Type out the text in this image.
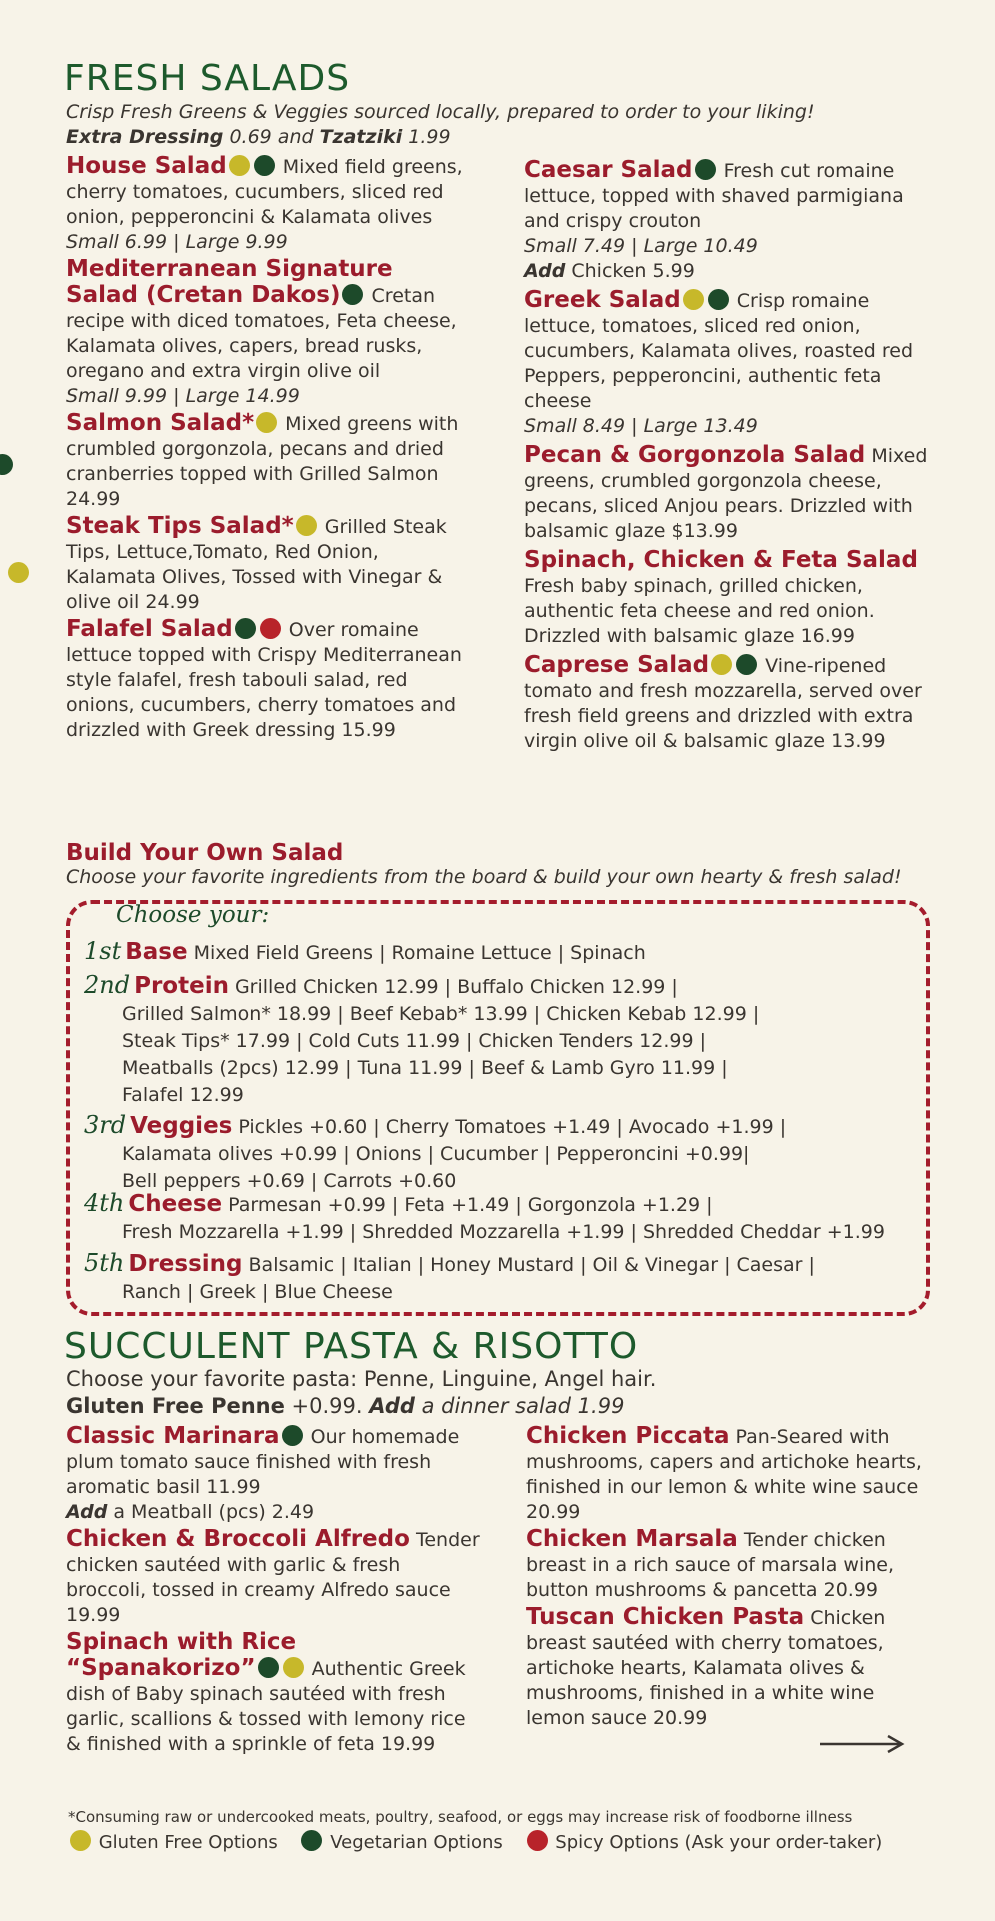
FRESH SALADS
Crisp Fresh Greens & Veggies sourced locally, prepared to order to your liking!
Extra Dressing 0.69 and Tzatziki 1.99
House Salad	Mixed field greens, cherry tomatoes, cucumbers, sliced red onion, pepperoncini & Kalamata olives
Small 6.99 | Large 9.99
Mediterranean Signature Salad (Cretan Dakos) Cretan recipe with diced tomatoes, Feta cheese, Kalamata olives, capers, bread rusks, oregano and extra virgin olive oil
Small 9.99 | Large 14.99
Salmon Salad* Mixed greens with crumbled gorgonzola, pecans and dried cranberries topped with Grilled Salmon 24.99
Steak Tips Salad* Grilled Steak Tips, Lettuce,Tomato, Red Onion, Kalamata Olives, Tossed with Vinegar & olive oil 24.99
Falafel Salad	Over romaine lettuce topped with Crispy Mediterranean style falafel, fresh tabouli salad, red onions, cucumbers, cherry tomatoes and drizzled with Greek dressing 15.99
Caesar Salad Fresh cut romaine lettuce, topped with shaved parmigiana and crispy crouton
Small 7.49 | Large 10.49
Add Chicken 5.99
Greek Salad	Crisp romaine lettuce, tomatoes, sliced red onion, cucumbers, Kalamata olives, roasted red Peppers, pepperoncini, authentic feta cheese
Small 8.49 | Large 13.49
Pecan & Gorgonzola Salad Mixed greens, crumbled gorgonzola cheese, pecans, sliced Anjou pears. Drizzled with balsamic glaze $13.99
Spinach, Chicken & Feta Salad Fresh baby spinach, grilled chicken, authentic feta cheese and red onion. Drizzled with balsamic glaze 16.99
Caprese Salad	Vine-ripened tomato and fresh mozzarella, served over fresh field greens and drizzled with extra virgin olive oil & balsamic glaze 13.99
Build Your Own Salad
Choose your favorite ingredients from the board & build your own hearty & fresh salad!
Choose your:
1st Base Mixed Field Greens | Romaine Lettuce | Spinach
2nd Protein Grilled Chicken 12.99 | Buffalo Chicken 12.99 |
Grilled Salmon* 18.99 | Beef Kebab* 13.99 | Chicken Kebab 12.99 |
Steak Tips* 17.99 | Cold Cuts 11.99 | Chicken Tenders 12.99 |
Meatballs (2pcs) 12.99 | Tuna 11.99 | Beef & Lamb Gyro 11.99 |
Falafel 12.99
3rd Veggies Pickles +0.60 | Cherry Tomatoes +1.49 | Avocado +1.99 |
Kalamata olives +0.99 | Onions | Cucumber | Pepperoncini +0.99|
Bell peppers +0.69 | Carrots +0.60
4th Cheese Parmesan +0.99 | Feta +1.49 | Gorgonzola +1.29 |
Fresh Mozzarella +1.99 | Shredded Mozzarella +1.99 | Shredded Cheddar +1.99
5th Dressing Balsamic | Italian | Honey Mustard | Oil & Vinegar | Caesar |
Ranch | Greek | Blue Cheese
SUCCULENT PASTA & RISOTTO
Choose your favorite pasta: Penne, Linguine, Angel hair.
Gluten Free Penne +0.99. Add a dinner salad 1.99
Classic Marinara Our homemade plum tomato sauce finished with fresh aromatic basil 11.99
Add a Meatball (pcs) 2.49
Chicken & Broccoli Alfredo Tender chicken sautéed with garlic & fresh broccoli, tossed in creamy Alfredo sauce 19.99
Spinach with Rice “Spanakorizo”	Authentic Greek dish of Baby spinach sautéed with fresh garlic, scallions & tossed with lemony rice & finished with a sprinkle of feta 19.99
Chicken Piccata Pan-Seared with mushrooms, capers and artichoke hearts, finished in our lemon & white wine sauce 20.99
Chicken Marsala Tender chicken breast in a rich sauce of marsala wine, button mushrooms & pancetta 20.99
Tuscan Chicken Pasta Chicken breast sautéed with cherry tomatoes, artichoke hearts, Kalamata olives & mushrooms, finished in a white wine lemon sauce 20.99
*Consuming raw or undercooked meats, poultry, seafood, or eggs may increase risk of foodborne illness
Gluten Free Options	Vegetarian Options	Spicy Options (Ask your order-taker)
